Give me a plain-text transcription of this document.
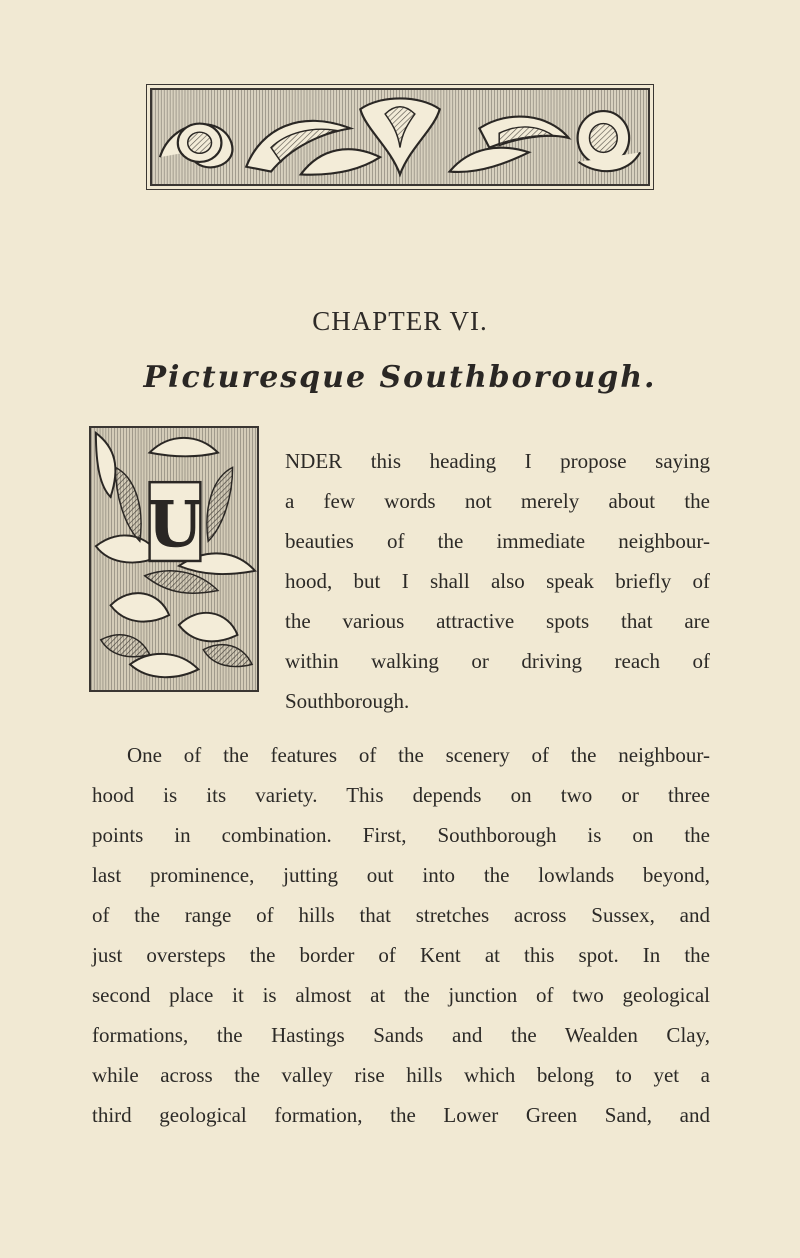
CHAPTER VI.
Picturesque Southborough.
U
NDER this heading I propose saying
a few words not merely about the
beauties of the immediate neighbour-
hood, but I shall also speak briefly of
the various attractive spots that are
within walking or driving reach of
Southborough.
One of the features of the scenery of the neighbour-
hood is its variety. This depends on two or three
points in combination. First, Southborough is on the
last prominence, jutting out into the lowlands beyond,
of the range of hills that stretches across Sussex, and
just oversteps the border of Kent at this spot. In the
second place it is almost at the junction of two geological
formations, the Hastings Sands and the Wealden Clay,
while across the valley rise hills which belong to yet a
third geological formation, the Lower Green Sand, and
